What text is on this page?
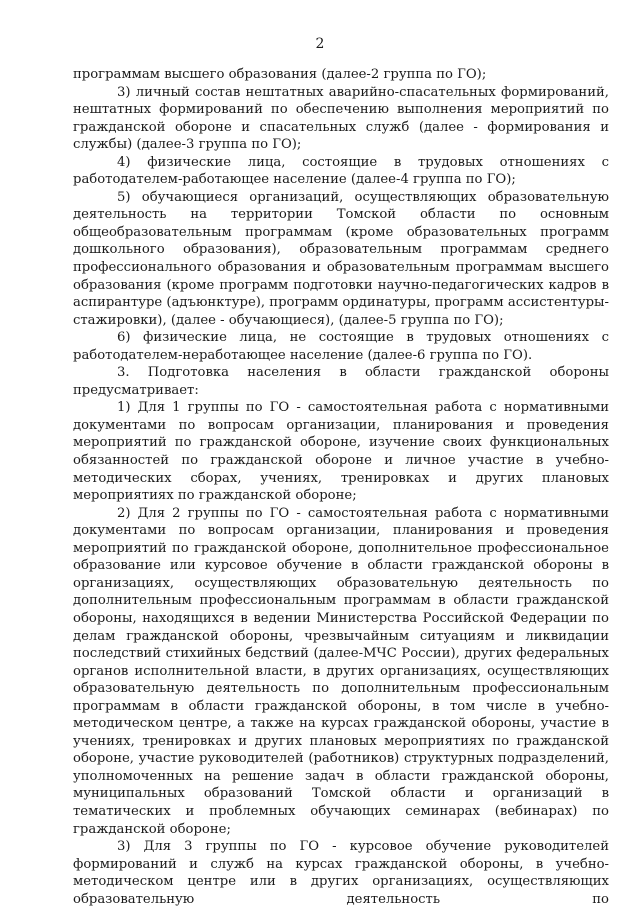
2

программам высшего образования (далее-2 группа по ГО);

3) личный состав нештатных аварийно-спасательных формирований, нештатных формирований по обеспечению выполнения мероприятий по гражданской обороне и спасательных служб (далее - формирования и службы) (далее-3 группа по ГО);

4) физические лица, состоящие в трудовых отношениях с работодателем-работающее население (далее-4 группа по ГО);

5) обучающиеся организаций, осуществляющих образовательную деятельность на территории Томской области по основным общеобразовательным программам (кроме образовательных программ дошкольного образования), образовательным программам среднего профессионального образования и образовательным программам высшего образования (кроме программ подготовки научно-педагогических кадров в аспирантуре (адъюнктуре), программ ординатуры, программ ассистентуры-стажировки), (далее - обучающиеся), (далее-5 группа по ГО);

6) физические лица, не состоящие в трудовых отношениях с работодателем-неработающее население (далее-6 группа по ГО).

3. Подготовка населения в области гражданской обороны предусматривает:

1) Для 1 группы по ГО - самостоятельная работа с нормативными документами по вопросам организации, планирования и проведения мероприятий по гражданской обороне, изучение своих функциональных обязанностей по гражданской обороне и личное участие в учебно-методических сборах, учениях, тренировках и других плановых мероприятиях по гражданской обороне;

2) Для 2 группы по ГО - самостоятельная работа с нормативными документами по вопросам организации, планирования и проведения мероприятий по гражданской обороне, дополнительное профессиональное образование или курсовое обучение в области гражданской обороны в организациях, осуществляющих образовательную деятельность по дополнительным профессиональным программам в области гражданской обороны, находящихся в ведении Министерства Российской Федерации по делам гражданской обороны, чрезвычайным ситуациям и ликвидации последствий стихийных бедствий (далее-МЧС России), других федеральных органов исполнительной власти, в других организациях, осуществляющих образовательную деятельность по дополнительным профессиональным программам в области гражданской обороны, в том числе в учебно-методическом центре, а также на курсах гражданской обороны, участие в учениях, тренировках и других плановых мероприятиях по гражданской обороне, участие руководителей (работников) структурных подразделений, уполномоченных на решение задач в области гражданской обороны, муниципальных образований Томской области и организаций в тематических и проблемных обучающих семинарах (вебинарах) по гражданской обороне;

3) Для 3 группы по ГО - курсовое обучение руководителей формирований и служб на курсах гражданской обороны, в учебно-методическом центре или в других организациях, осуществляющих образовательную деятельность по
